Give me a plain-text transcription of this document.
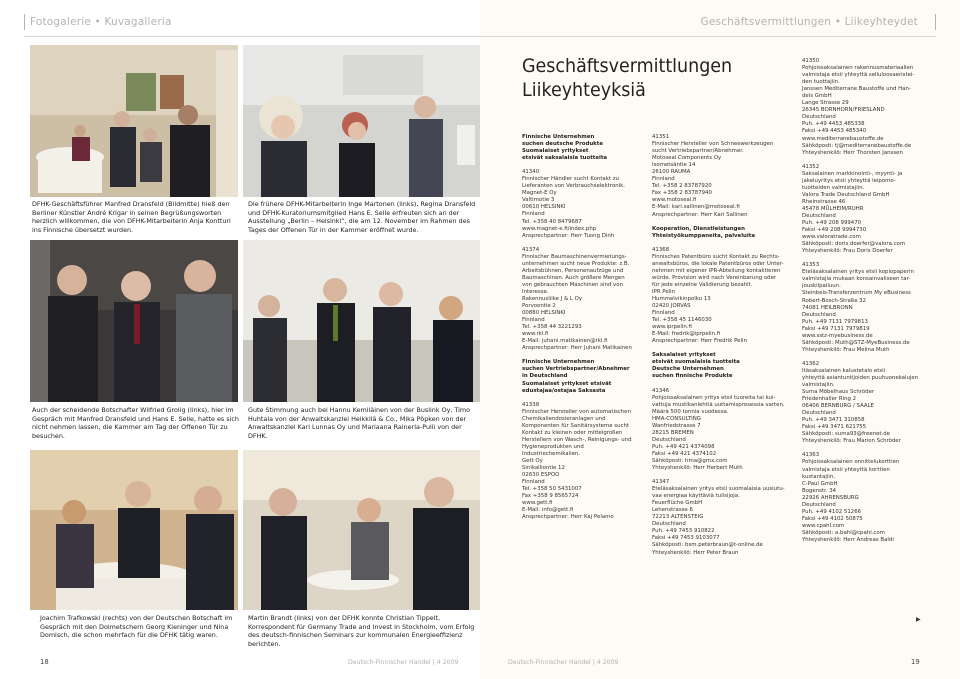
Fotogalerie • Kuvagalleria	Geschäftsvermittlungen • Liikeyhteydet
DFHK-Geschäftsführer Manfred Dransfeld (Bildmitte) hieß den Berliner Künstler André Krigar in seinen Begrüßungsworten herzlich willkommen, die von DFHK-Mitarbeiterin Anja Kontturi ins Finnische übersetzt wurden.
Die frühere DFHK-Mitarbeiterin Inge Martonen (links), Regina Dransfeld und DFHK-Kuratoriumsmitglied Hans E. Selle erfreuten sich an der Ausstellung „Berlin – Helsinki“, die am 12. November im Rahmen des Tages der Offenen Tür in der Kammer eröffnet wurde.
Auch der scheidende Botschafter Wilfried Grolig (links), hier im Gespräch mit Manfred Dransfeld und Hans E. Selle, hatte es sich nicht nehmen lassen, die Kammer am Tag der Offenen Tür zu besuchen.
Gute Stimmung auch bei Hannu Kemiläinen von der Buslink Oy, Timo Huhtala von der Anwaltskanzlei Heikkilä & Co., Mika Pöpken von der Anwaltskanzlei Kari Lunnas Oy und Mariaana Rainerla-Pulli von der DFHK.
Joachim Trafkowski (rechts) von der Deutschen Botschaft im Gespräch mit den Dolmetschern Georg Kieninger und Nina Domisch, die schon mehrfach für die DFHK tätig waren.
Martin Brandt (links) von der DFHK konnte Christian Tippelt, Korrespondent für Germany Trade and Invest in Stockholm, vom Erfolg des deutsch-finnischen Seminars zur kommunalen Energieeffizienz berichten.
18	Deutsch-Finnischer Handel | 4 2009	Deutsch-Finnischer Handel | 4 2009	19
Geschäftsvermittlungen
Liikeyhteyksiä
Finnische Unternehmen
suchen deutsche Produkte
Suomalaiset yritykset
etsivät saksalaisia tuotteita
41340
Finnischer Händler sucht Kontakt zu
Lieferanten von Verbrauchselektronik.
Magnet-E Oy
Valtimotie 3
00610 HELSINKI
Finnland
Tel. +358 40 8479687
www.magnet-e.fi/index.php
Ansprechpartner: Herr Tuong Dinh
41374
Finnischer Baumaschinenvermietungs-
unternehmen sucht neue Produkte: z.B.
Arbeitsbühnen, Personenaufzüge und
Baumaschinen. Auch größere Mengen
von gebrauchten Maschinen sind von
Interesse.
Rakennusliike J & L Oy
Porvoontie 2
00880 HELSINKI
Finnland
Tel. +358 44 3221293
www.rkl.fi
E-Mail: juhani.matikainen@rkl.fi
Ansprechpartner: Herr Juhani Matikainen
Finnische Unternehmen
suchen Vertriebspartner/Abnehmer
in Deutschland
Suomalaiset yritykset etsivät
edustajaa/ostajaa Saksasta
41338
Finnischer Hersteller von automatischen
Chemikaliendosieranlagen und
Komponenten für Sanitärsysteme sucht
Kontakt zu kleinen oder mittelgroßen
Herstellern von Wasch-, Reinigungs- und
Hygieneprodukten und
Industriechemikalien.
Gett Oy
Sinikalliontie 12
02630 ESPOO
Finnland
Tel. +358 50 5431007
Fax +358 9 8565724
www.gett.fi
E-Mail: info@gett.fi
Ansprechpartner: Herr Kaj Pelamo
41351
Finnischer Hersteller von Schneewerkzeugen
sucht Vertriebspartner/Abnehmer.
Motoseal Components Oy
Isometsäntie 14
26100 RAUMA
Finnland
Tel. +358 2 83787920
Fax +358 2 83787940
www.motoseal.fi
E-Mail: kari.sallinen@motoseal.fi
Ansprechpartner: Herr Kari Sallinen
Kooperation, Dienstleistungen
Yhteistyökumppaneita, palveluita
41368
Finnisches Patentbüro sucht Kontakt zu Rechts-
anwaltsbüros, die lokale Patentbüros oder Unter-
nehmen mit eigener IPR-Abteilung kontaktieren
würde. Provision wird nach Vereinbarung oder
für jede einzelne Validierung bezahlt.
IPR Pelin
Hummelvikinpolku 13
02420 JORVAS
Finnland
Tel. +358 45 1146030
www.iprpelin.fi
E-Mail: fredrik@iprpelin.fi
Ansprechpartner: Herr Fredrik Pelin
Saksalaiset yritykset
etsivät suomalaisia tuotteita
Deutsche Unternehmen
suchen finnische Produkte
41346
Pohjoissaksalainen yritys etsii tuoreita tai kui-
vattuja mustikanlehtiä uuttamisprosessia varten.
Määrä 500 tonnia vuodessa.
HMA-CONSULTING
Wanfriedstrasse 7
28215 BREMEN
Deutschland
Puh. +49 421 4374098
Faksi +49 421 4374102
Sähköposti: hma@gmx.com
Yhteyshenkilö: Herr Herbert Muth
41347
Eteläsaksalainen yritys etsii suomalaisia uusiutu-
vaa energiaa käyttäviä tulisijoja.
Feuerflüche GmbH
Lehenstrasse 6
72213 ALTENSTEIG
Deutschland
Puh. +49 7453 910822
Faksi +49 7453 9103077
Sähköposti: bsm.peterbraun@t-online.de
Yhteyshenkilö: Herr Peter Braun
41350
Pohjoissaksalainen rakennusmateriaalien
valmistaja etsii yhteyttä selluloosaeristei-
den tuottajiin.
Janssen Mediterrane Baustoffe und Han-
dels GmbH
Lange Strasse 29
26345 BORNHORN/FRIESLAND
Deutschland
Puh. +49 4453 485338
Faksi +49 4453 485340
www.mediterranebaustoffe.de
Sähköposti: tj@mediterranebaustoffe.de
Yhteyshenkilö: Herr Thorsten Janssen
41352
Saksalainen markkinointi-, myynti- ja
jakeluyritys etsii yhteyttä leipomo-
tuotteiden valmistajiin.
Valora Trade Deutschland GmbH
Rheinstrasse 46
45478 MÜLHEIM/RUHR
Deutschland
Puh. +49 208 999470
Faksi +49 208 9994730
www.valoratrade.com
Sähköposti: doris.doerfer@valora.com
Yhteyshenkilö: Frau Doris Doerfer
41353
Eteläsaksalainen yritys etsii kopiopaperin
valmistajia mukaan konsainvaliseen tar-
jouskilpailuun.
Steinbeis-Transferzentrum My eBusiness
Robert-Bosch-Straße 32
74081 HEILBRONN
Deutschland
Puh. +49 7131 7979813
Faksi +49 7131 7979819
www.sstz-myebusiness.de
Sähköposti: Muth@STZ-MyeBusiness.de
Yhteyshenkilö: Frau Melina Muth
41362
Itäsaksalainen kalustetalo etsii
yhteyttä asiantuntijoiden puuhuonekalujen
valmistajiin.
Suma Möbelhaus Schröder
Friedenhaller Ring 2
06406 BERNBURG / SAALE
Deutschland
Puh. +49 3471 310858
Faksi +49 3471 621755
Sähköposti: suma93@freenet.de
Yhteyshenkilö: Frau Marion Schröder
41363
Pohjoissaksalainen onnittelukorttien
valmistaja etsii yhteyttä korttien
kustantajiin.
C-Paul GmbH
Bogenstr. 34
22926 AHRENSBURG
Deutschland
Puh. +49 4102 51266
Faksi +49 4102 50875
www.cpahl.com
Sähköposti: a.bahl@cpahl.com
Yhteyshenkilö: Herr Andreas Baldi
▶
